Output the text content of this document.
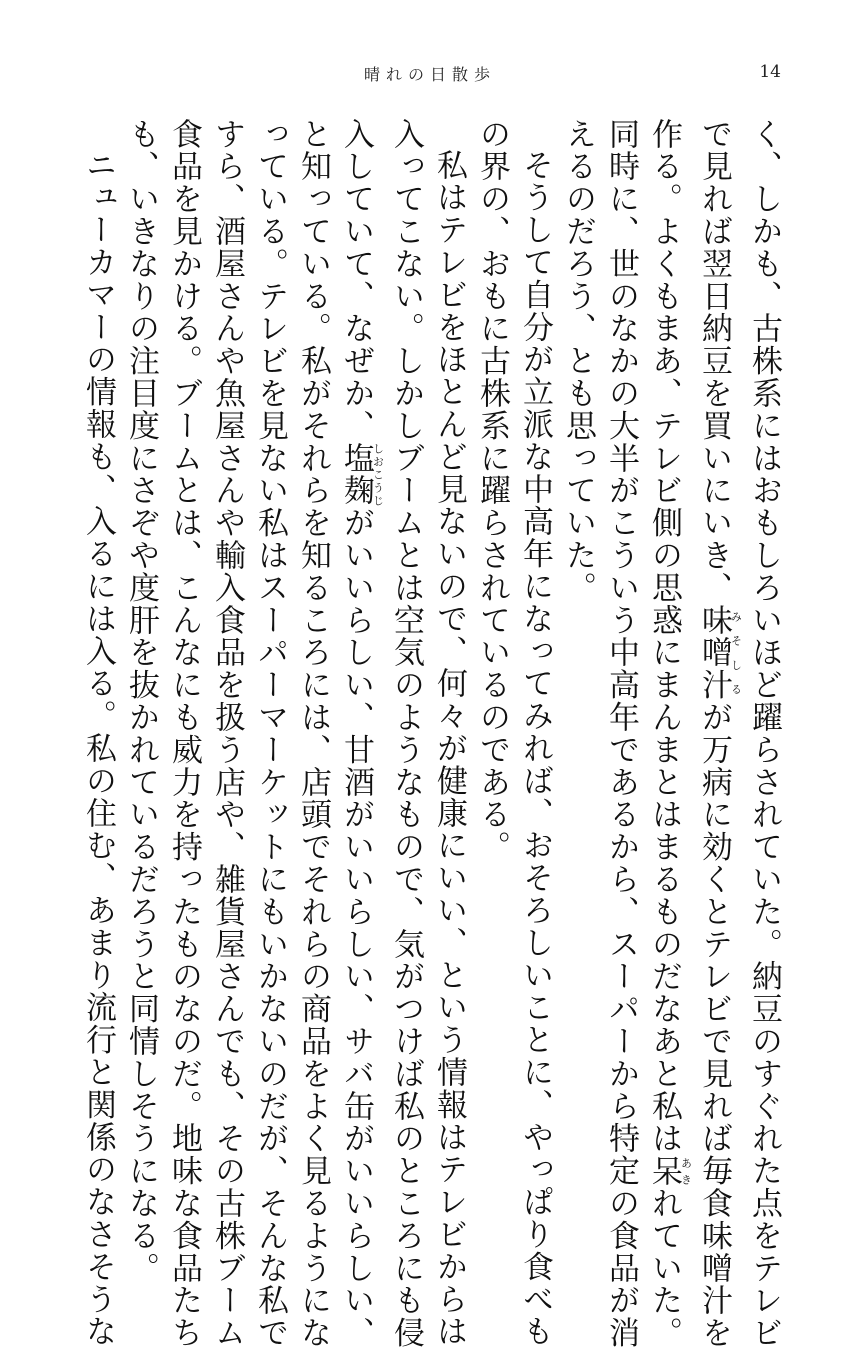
晴れの日散歩	14
く、しかも、古株系にはおもしろいほど躍らされていた。納豆のすぐれた点をテレビ
で見れば翌日納豆を買いにいき、味噌汁みそしるが万病に効くとテレビで見れば毎食味噌汁を
作る。よくもまあ、テレビ側の思惑にまんまとはまるものだなあと私は呆あきれていた。
同時に、世のなかの大半がこういう中高年であるから、スーパーから特定の食品が消
えるのだろう、とも思っていた。
そうして自分が立派な中高年になってみれば、おそろしいことに、やっぱり食べも
の界の、おもに古株系に躍らされているのである。
私はテレビをほとんど見ないので、何々が健康にいい、という情報はテレビからは
入ってこない。しかしブームとは空気のようなもので、気がつけば私のところにも侵
入していて、なぜか、塩麹しおこうじがいいらしい、甘酒がいいらしい、サバ缶がいいらしい、
と知っている。私がそれらを知るころには、店頭でそれらの商品をよく見るようにな
っている。テレビを見ない私はスーパーマーケットにもいかないのだが、そんな私で
すら、酒屋さんや魚屋さんや輸入食品を扱う店や、雑貨屋さんでも、その古株ブーム
食品を見かける。ブームとは、こんなにも威力を持ったものなのだ。地味な食品たち
も、いきなりの注目度にさぞや度肝を抜かれているだろうと同情しそうになる。
ニューカマーの情報も、入るには入る。私の住む、あまり流行と関係のなさそうな
